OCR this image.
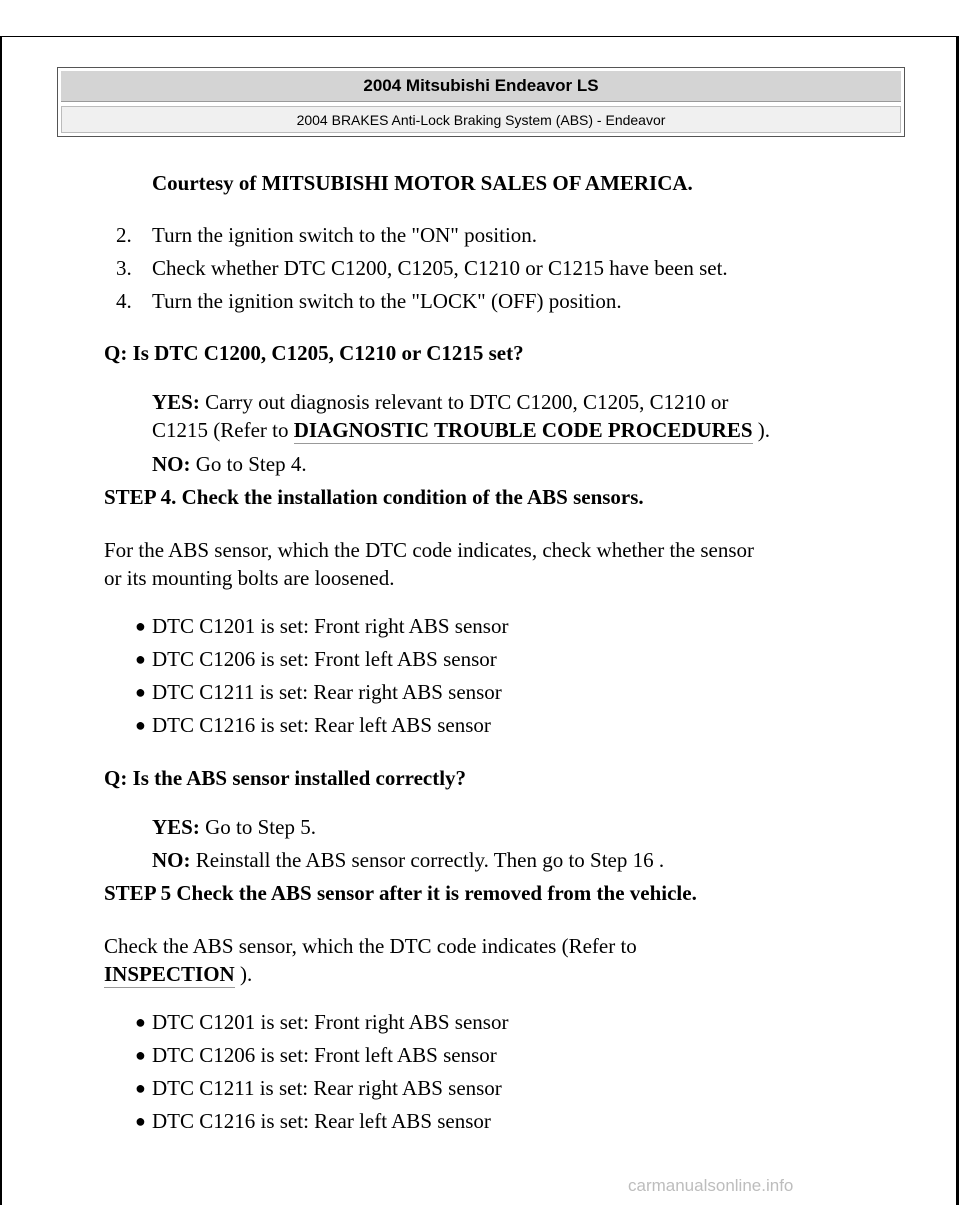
2004 Mitsubishi Endeavor LS
2004 BRAKES Anti-Lock Braking System (ABS) - Endeavor
Courtesy of MITSUBISHI MOTOR SALES OF AMERICA.
2. Turn the ignition switch to the "ON" position.
3. Check whether DTC C1200, C1205, C1210 or C1215 have been set.
4. Turn the ignition switch to the "LOCK" (OFF) position.
Q: Is DTC C1200, C1205, C1210 or C1215 set?
YES: Carry out diagnosis relevant to DTC C1200, C1205, C1210 or
C1215 (Refer to DIAGNOSTIC TROUBLE CODE PROCEDURES ).
NO: Go to Step 4.
STEP 4. Check the installation condition of the ABS sensors.
For the ABS sensor, which the DTC code indicates, check whether the sensor
or its mounting bolts are loosened.
● DTC C1201 is set: Front right ABS sensor
● DTC C1206 is set: Front left ABS sensor
● DTC C1211 is set: Rear right ABS sensor
● DTC C1216 is set: Rear left ABS sensor
Q: Is the ABS sensor installed correctly?
YES: Go to Step 5.
NO: Reinstall the ABS sensor correctly. Then go to Step 16 .
STEP 5 Check the ABS sensor after it is removed from the vehicle.
Check the ABS sensor, which the DTC code indicates (Refer to
INSPECTION ).
● DTC C1201 is set: Front right ABS sensor
● DTC C1206 is set: Front left ABS sensor
● DTC C1211 is set: Rear right ABS sensor
● DTC C1216 is set: Rear left ABS sensor
carmanualsonline.info
